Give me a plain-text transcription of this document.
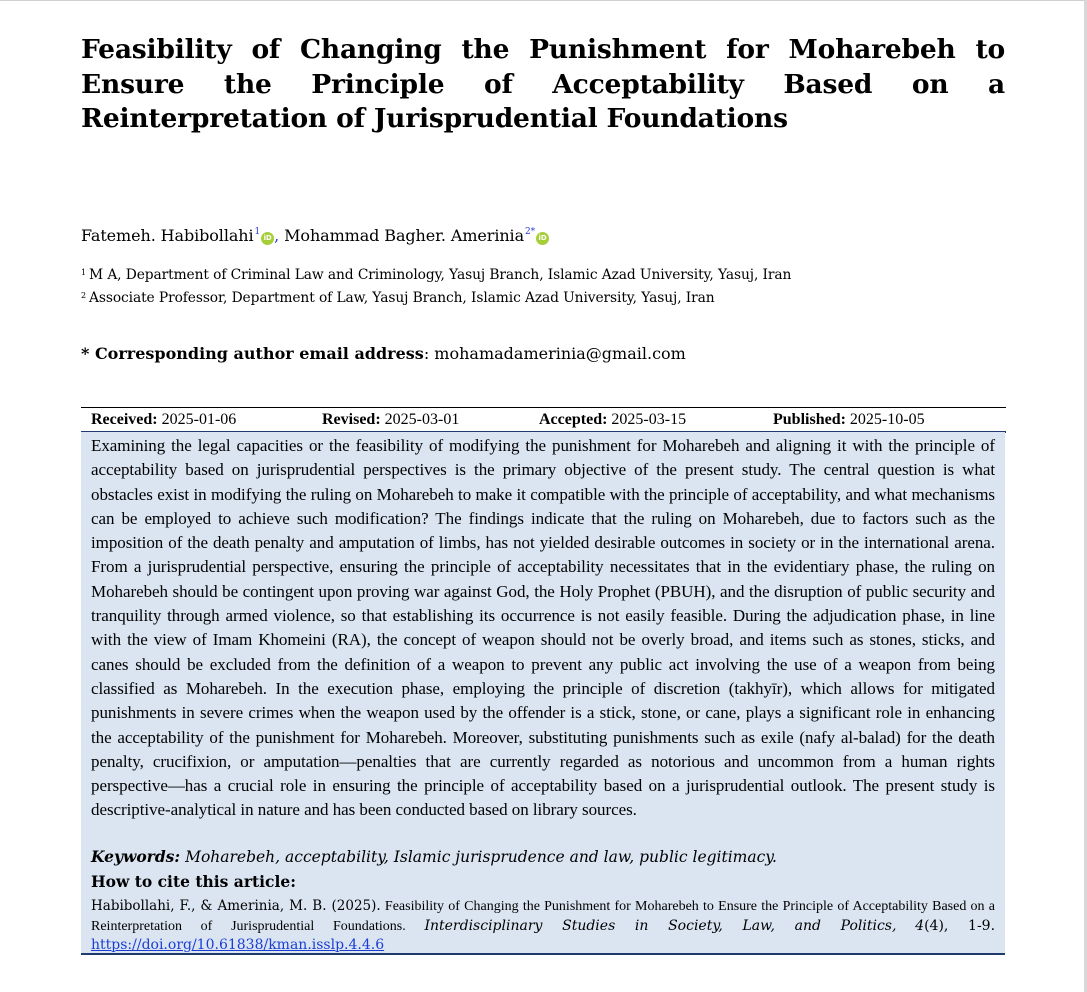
Feasibility of Changing the Punishment for Moharebeh to Ensure the Principle of Acceptability Based on a Reinterpretation of Jurisprudential Foundations
Fatemeh. Habibollahi$^1$iD , Mohammad Bagher. Amerinia$^{2*}$iD
$^1$ M A, Department of Criminal Law and Criminology, Yasuj Branch, Islamic Azad University, Yasuj, Iran
$^2$ Associate Professor, Department of Law, Yasuj Branch, Islamic Azad University, Yasuj, Iran
* Corresponding author email address: mohamadamerinia@gmail.com
Received: 2025-01-06	Revised: 2025-03-01	Accepted: 2025-03-15	Published: 2025-10-05

Examining the legal capacities or the feasibility of modifying the punishment for Moharebeh and aligning it with the principle of acceptability based on jurisprudential perspectives is the primary objective of the present study. The central question is what obstacles exist in modifying the ruling on Moharebeh to make it compatible with the principle of acceptability, and what mechanisms can be employed to achieve such modification? The findings indicate that the ruling on Moharebeh, due to factors such as the imposition of the death penalty and amputation of limbs, has not yielded desirable outcomes in society or in the international arena. From a jurisprudential perspective, ensuring the principle of acceptability necessitates that in the evidentiary phase, the ruling on Moharebeh should be contingent upon proving war against God, the Holy Prophet (PBUH), and the disruption of public security and tranquility through armed violence, so that establishing its occurrence is not easily feasible. During the adjudication phase, in line with the view of Imam Khomeini (RA), the concept of weapon should not be overly broad, and items such as stones, sticks, and canes should be excluded from the definition of a weapon to prevent any public act involving the use of a weapon from being classified as Moharebeh. In the execution phase, employing the principle of discretion (takhyīr), which allows for mitigated punishments in severe crimes when the weapon used by the offender is a stick, stone, or cane, plays a significant role in enhancing the acceptability of the punishment for Moharebeh. Moreover, substituting punishments such as exile (nafy al-balad) for the death penalty, crucifixion, or amputation—penalties that are currently regarded as notorious and uncommon from a human rights perspective—has a crucial role in ensuring the principle of acceptability based on a jurisprudential outlook. The present study is descriptive-analytical in nature and has been conducted based on library sources.

Keywords: Moharebeh, acceptability, Islamic jurisprudence and law, public legitimacy.
How to cite this article:

Habibollahi, F., & Amerinia, M. B. (2025). Feasibility of Changing the Punishment for Moharebeh to Ensure the Principle of Acceptability Based on a Reinterpretation of Jurisprudential Foundations. Interdisciplinary Studies in Society, Law, and Politics, 4(4), 1-9. https://doi.org/10.61838/kman.isslp.4.4.6
